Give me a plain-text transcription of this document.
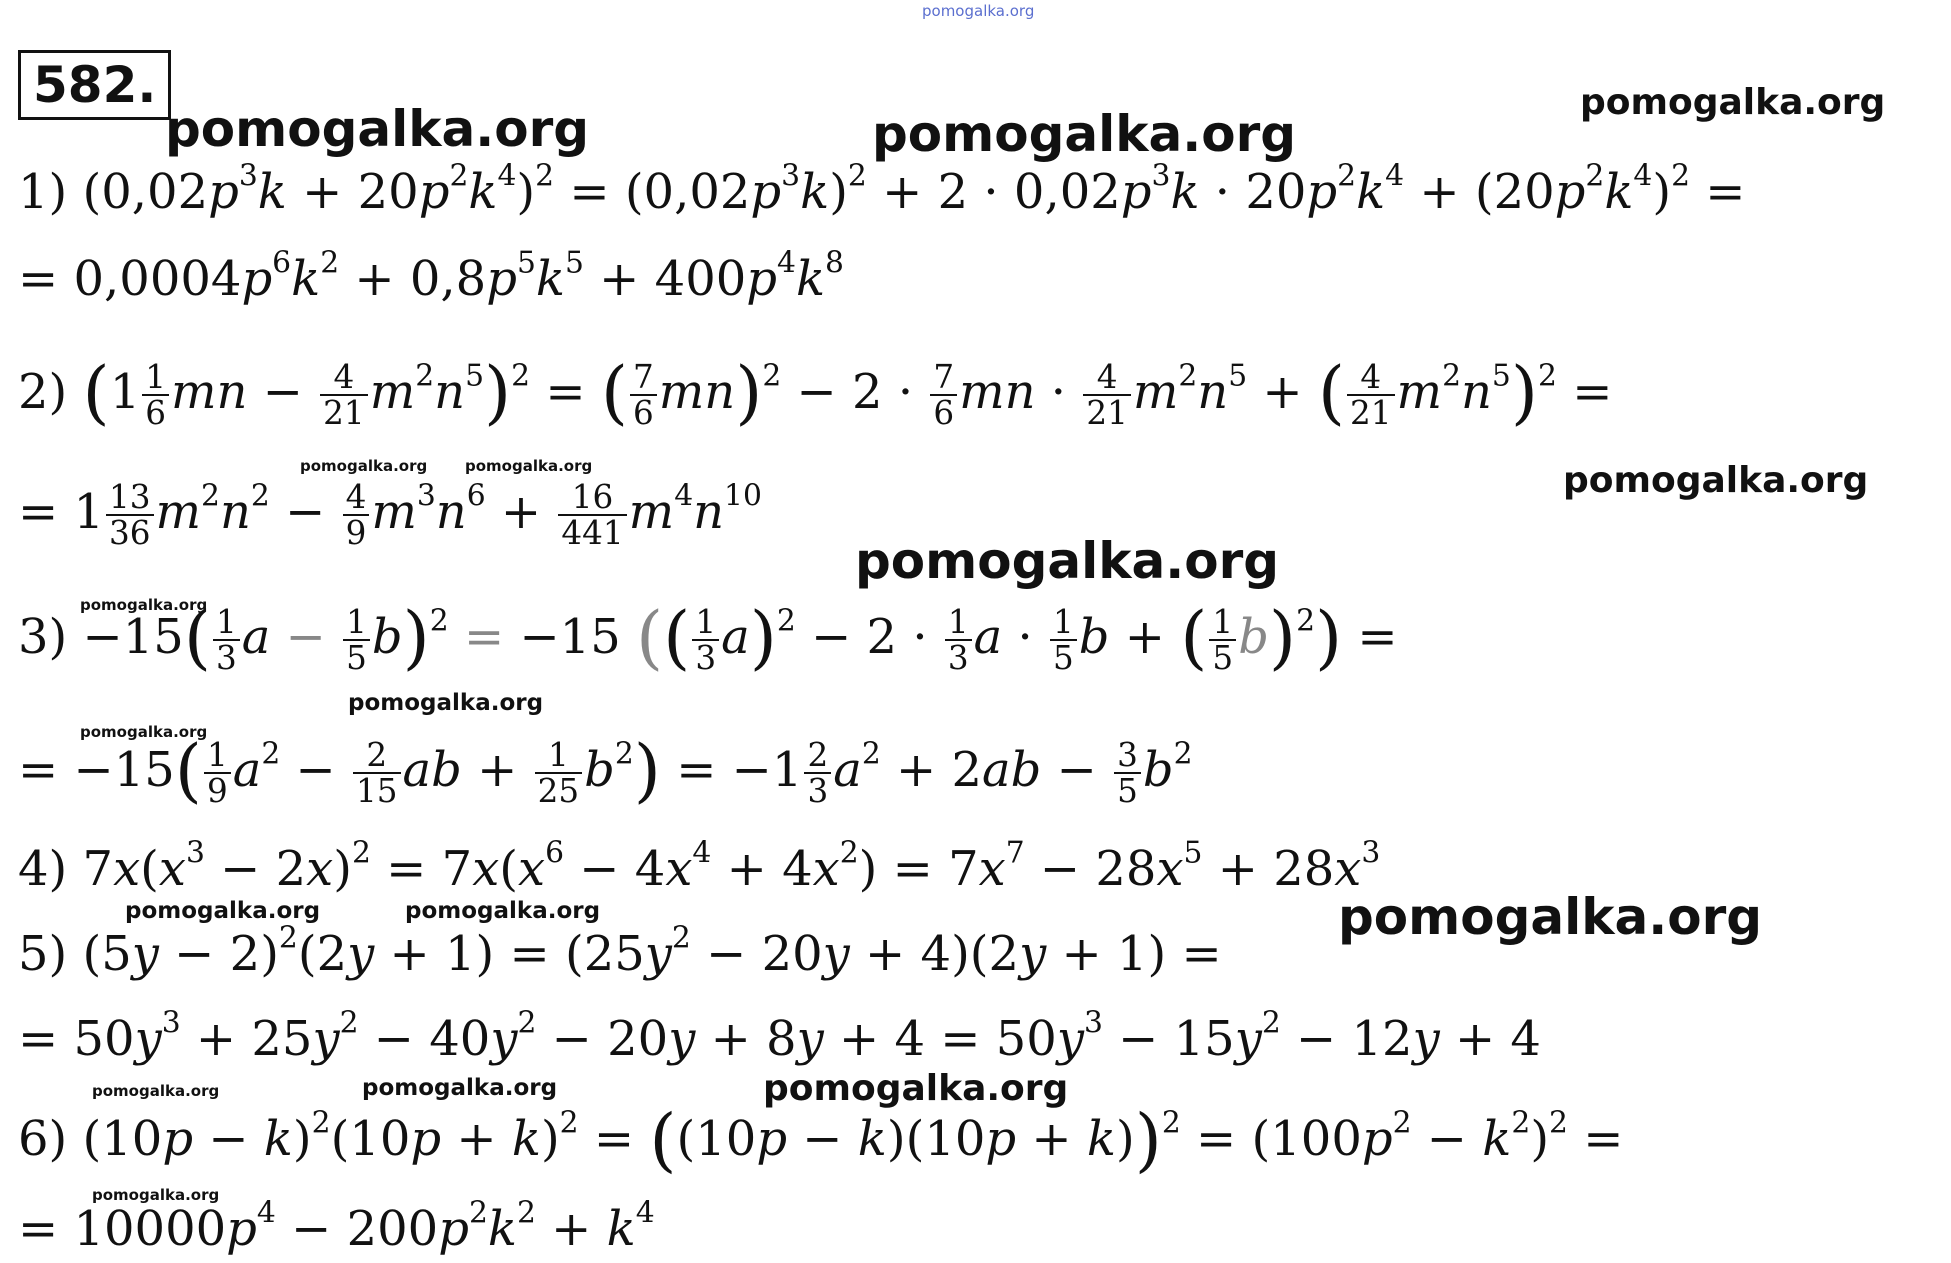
pomogalka.org
582.
pomogalka.org	pomogalka.org
pomogalka.org
pomogalka.org
pomogalka.org
pomogalka.org
pomogalka.org
pomogalka.org	pomogalka.org
pomogalka.org	pomogalka.org
pomogalka.org	pomogalka.org
pomogalka.org
pomogalka.org
pomogalka.org
pomogalka.org
1) $(0,02p^3k + 20p^2k^4)^2 = (0,02p^3k)^2 + 2 \cdot 0,02p^3k \cdot 20p^2k^4 + (20p^2k^4)^2$ =
= $0,0004p^6k^2 + 0,8p^5k^5 + 400p^4k^8$
2) ($1 \frac{1}{6}$ mn − $\frac{4}{21} m^2n^5)^2$ = ( $\frac{7}{6} mn)^2 - 2 \cdot \frac{7}{6}$ mn · $\frac{4}{21} m^2n^5$ + ( $\frac{4}{21} m^2n^5)^2$ =
= $1 \frac{13}{36} m^2n^2 - \frac{4}{9} m^3n^6 + \frac{16}{441} m^4n^{10}$
$3) -15( \frac{1}{3}$ $a - \frac{1}{5} b)^2 = -15$ (( $\frac{1}{3} a)^2 - 2 \cdot \frac{1}{3}$ $a \cdot \frac{1}{5}$ b + ( $\frac{1}{5} b)^2$) =
= $-15( \frac{1}{9} a^2 - \frac{2}{15}$ ab + $\frac{1}{25} b^2) = -1 \frac{2}{3} a^2 + 2ab - \frac{3}{5} b^2$
4) $7x(x^3 - 2x)^2 = 7x(x^6 - 4x^4 + 4x^2) = 7x^7 - 28x^5 + 28x^3$
5) $(5y - 2)^2(2y + 1) = (25y^2 - 20y + 4)(2y + 1)$ =
= $50y^3 + 25y^2 - 40y^2 - 20y + 8y + 4 = 50y^3 - 15y^2 - 12y + 4$
6) $(10p - k)^2(10p + k)^2 = ((10p - k)(10p + k))^2 = (100p^2 - k^2)^2$ =
= $10000p^4 - 200p^2k^2 + k^4$
